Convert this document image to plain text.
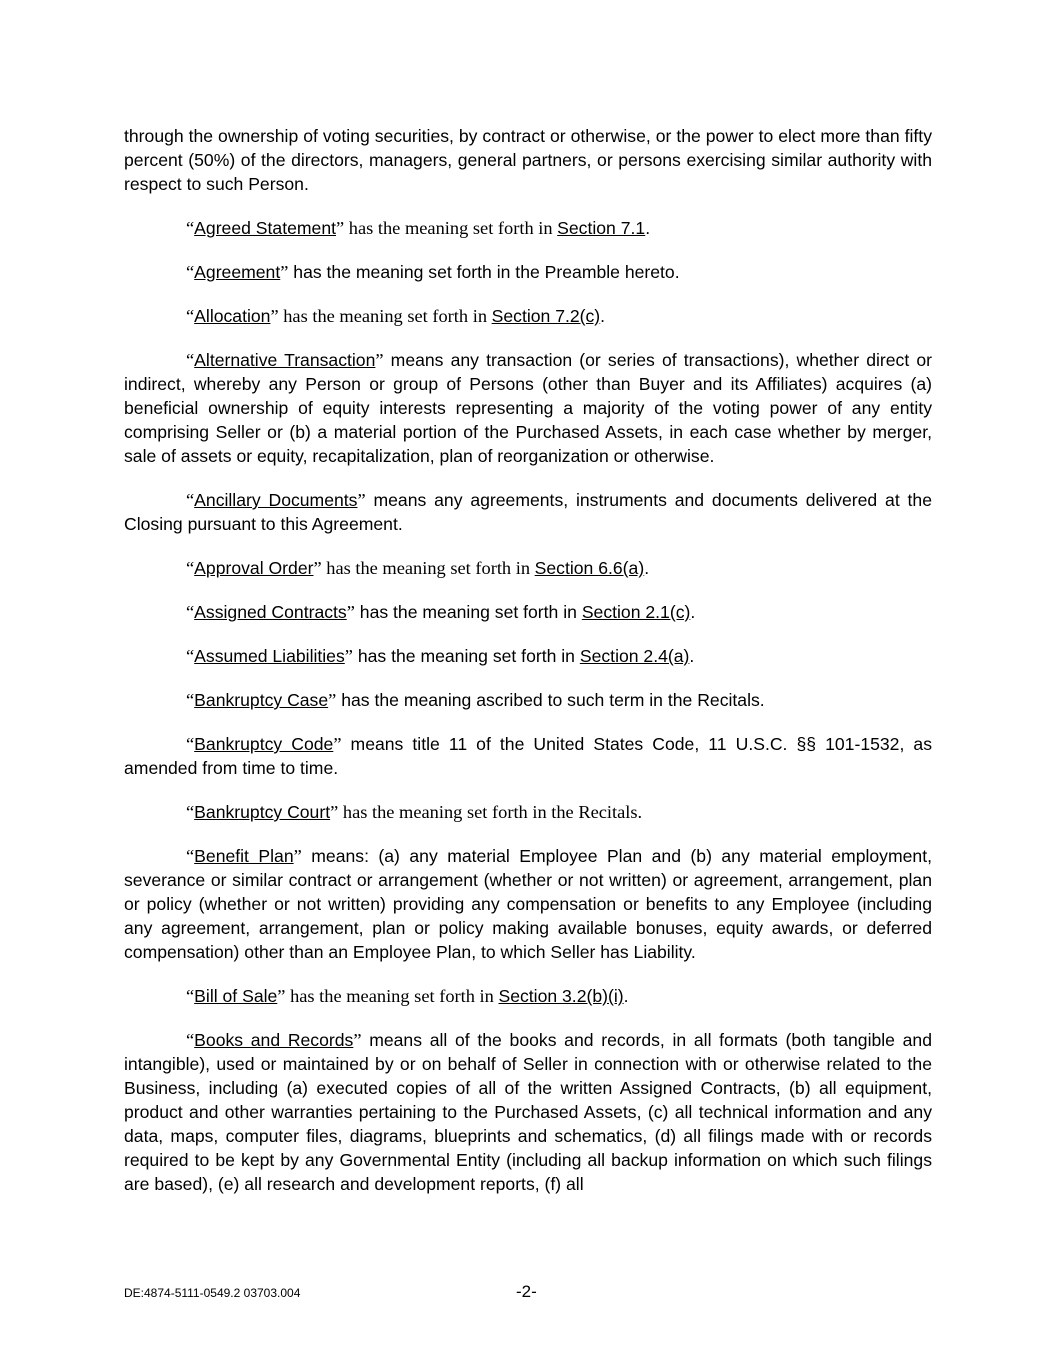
through the ownership of voting securities, by contract or otherwise, or the power to elect more than fifty percent (50%) of the directors, managers, general partners, or persons exercising similar authority with respect to such Person.

“Agreed Statement” has the meaning set forth in Section 7.1.

“Agreement” has the meaning set forth in the Preamble hereto.

“Allocation” has the meaning set forth in Section 7.2(c).

“Alternative Transaction” means any transaction (or series of transactions), whether direct or indirect, whereby any Person or group of Persons (other than Buyer and its Affiliates) acquires (a) beneficial ownership of equity interests representing a majority of the voting power of any entity comprising Seller or (b) a material portion of the Purchased Assets, in each case whether by merger, sale of assets or equity, recapitalization, plan of reorganization or otherwise.

“Ancillary Documents” means any agreements, instruments and documents delivered at the Closing pursuant to this Agreement.

“Approval Order” has the meaning set forth in Section 6.6(a).

“Assigned Contracts” has the meaning set forth in Section 2.1(c).

“Assumed Liabilities” has the meaning set forth in Section 2.4(a).

“Bankruptcy Case” has the meaning ascribed to such term in the Recitals.

“Bankruptcy Code” means title 11 of the United States Code, 11 U.S.C. §§ 101-1532, as amended from time to time.

“Bankruptcy Court” has the meaning set forth in the Recitals.

“Benefit Plan” means: (a) any material Employee Plan and (b) any material employment, severance or similar contract or arrangement (whether or not written) or agreement, arrangement, plan or policy (whether or not written) providing any compensation or benefits to any Employee (including any agreement, arrangement, plan or policy making available bonuses, equity awards, or deferred compensation) other than an Employee Plan, to which Seller has Liability.

“Bill of Sale” has the meaning set forth in Section 3.2(b)(i).

“Books and Records” means all of the books and records, in all formats (both tangible and intangible), used or maintained by or on behalf of Seller in connection with or otherwise related to the Business, including (a) executed copies of all of the written Assigned Contracts, (b) all equipment, product and other warranties pertaining to the Purchased Assets, (c) all technical information and any data, maps, computer files, diagrams, blueprints and schematics, (d) all filings made with or records required to be kept by any Governmental Entity (including all backup information on which such filings are based), (e) all research and development reports, (f) all

DE:4874-5111-0549.2 03703.004	-2-
